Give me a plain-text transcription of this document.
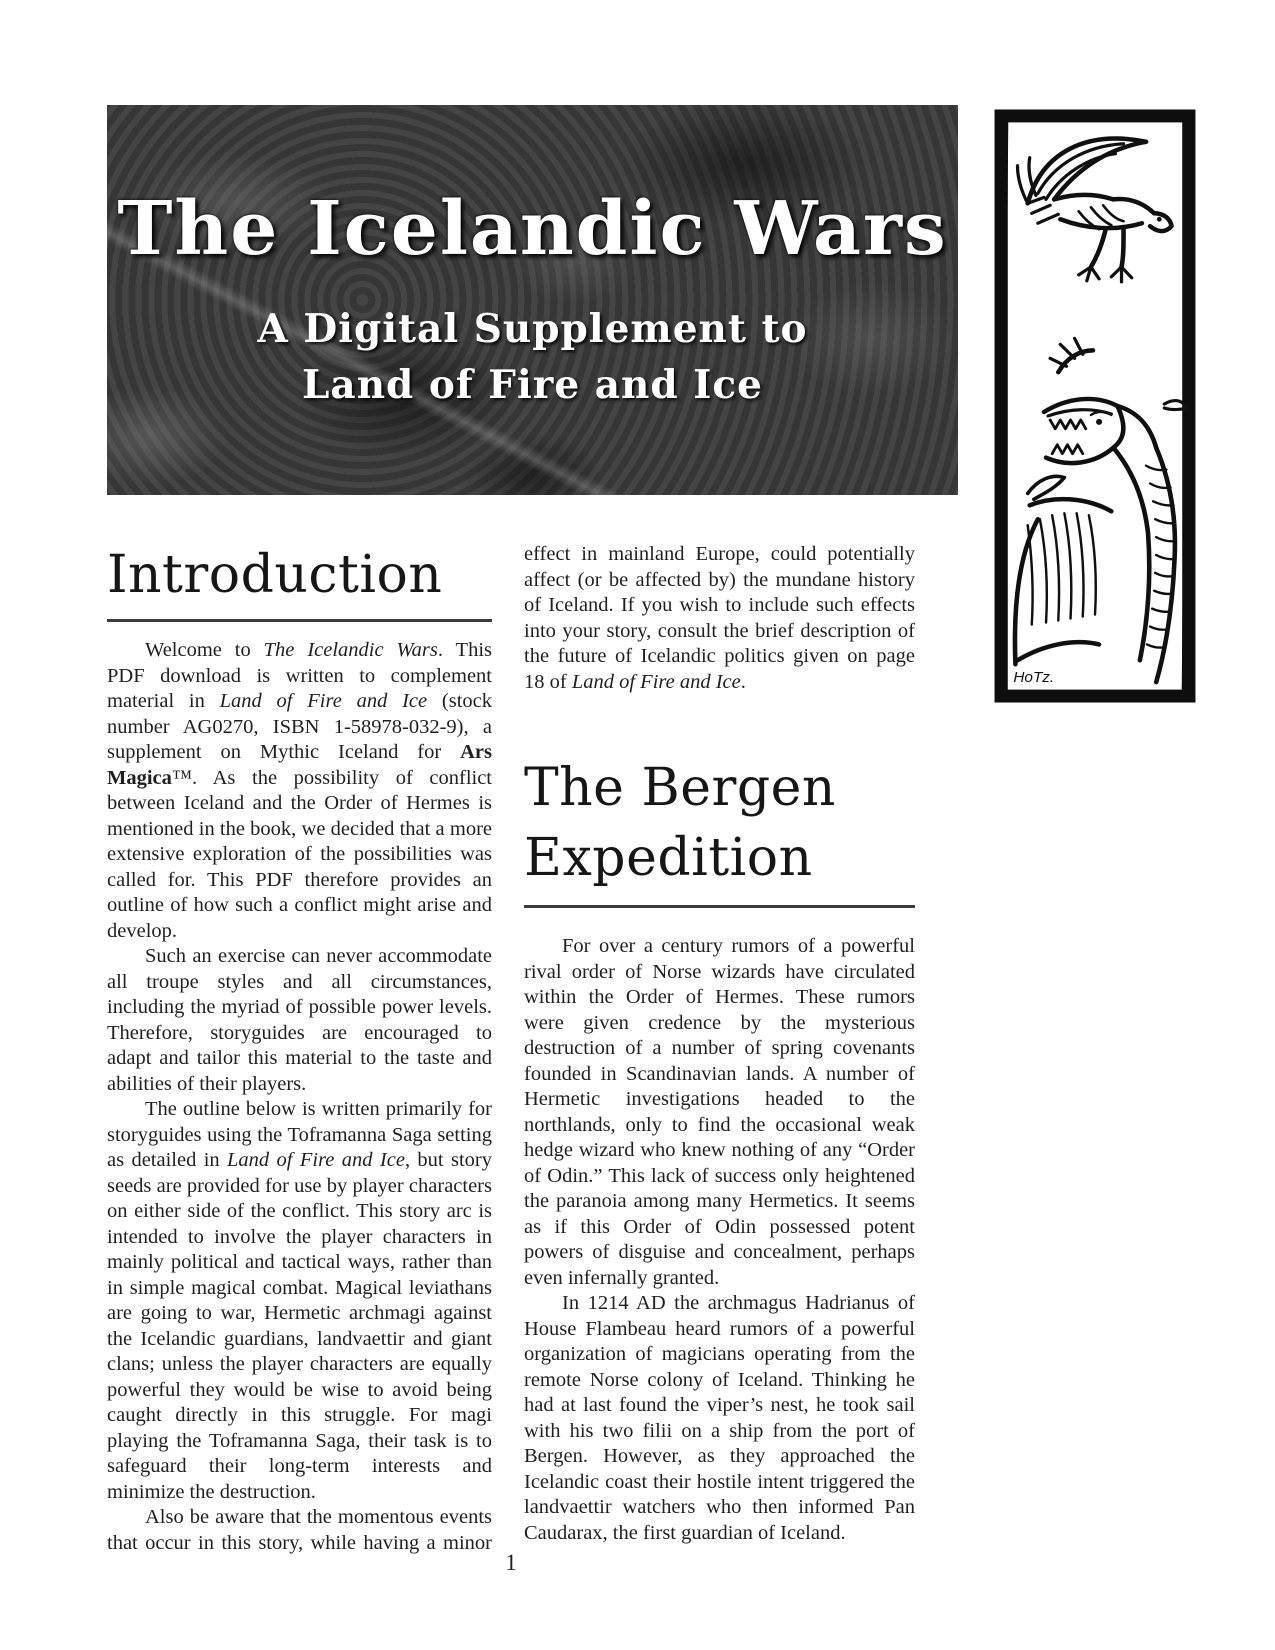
The Icelandic Wars
A Digital Supplement to
Land of Fire and Ice
HoTz.
Introduction

Welcome to The Icelandic Wars. This PDF download is written to complement material in Land of Fire and Ice (stock number AG0270, ISBN 1-58978-032-9), a supplement on Mythic Iceland for Ars Magica™. As the possibility of conflict between Iceland and the Order of Hermes is mentioned in the book, we decided that a more extensive exploration of the possibilities was called for. This PDF therefore provides an outline of how such a conflict might arise and develop.

Such an exercise can never accommodate all troupe styles and all circumstances, including the myriad of possible power levels. Therefore, storyguides are encouraged to adapt and tailor this material to the taste and abilities of their players.

The outline below is written primarily for storyguides using the Toframanna Saga setting as detailed in Land of Fire and Ice, but story seeds are provided for use by player characters on either side of the conflict. This story arc is intended to involve the player characters in mainly political and tactical ways, rather than in simple magical combat. Magical leviathans are going to war, Hermetic archmagi against the Icelandic guardians, landvaettir and giant clans; unless the player characters are equally powerful they would be wise to avoid being caught directly in this struggle. For magi playing the Toframanna Saga, their task is to safeguard their long-term interests and minimize the destruction.

Also be aware that the momentous events that occur in this story, while having a minor

effect in mainland Europe, could potentially affect (or be affected by) the mundane history of Iceland. If you wish to include such effects into your story, consult the brief description of the future of Icelandic politics given on page 18 of Land of Fire and Ice.

The Bergen
Expedition

For over a century rumors of a powerful rival order of Norse wizards have circulated within the Order of Hermes. These rumors were given credence by the mysterious destruction of a number of spring covenants founded in Scandinavian lands. A number of Hermetic investigations headed to the northlands, only to find the occasional weak hedge wizard who knew nothing of any “Order of Odin.” This lack of success only heightened the paranoia among many Hermetics. It seems as if this Order of Odin possessed potent powers of disguise and concealment, perhaps even infernally granted.

In 1214 AD the archmagus Hadrianus of House Flambeau heard rumors of a powerful organization of magicians operating from the remote Norse colony of Iceland. Thinking he had at last found the viper’s nest, he took sail with his two filii on a ship from the port of Bergen. However, as they approached the Icelandic coast their hostile intent triggered the landvaettir watchers who then informed Pan Caudarax, the first guardian of Iceland.

1
